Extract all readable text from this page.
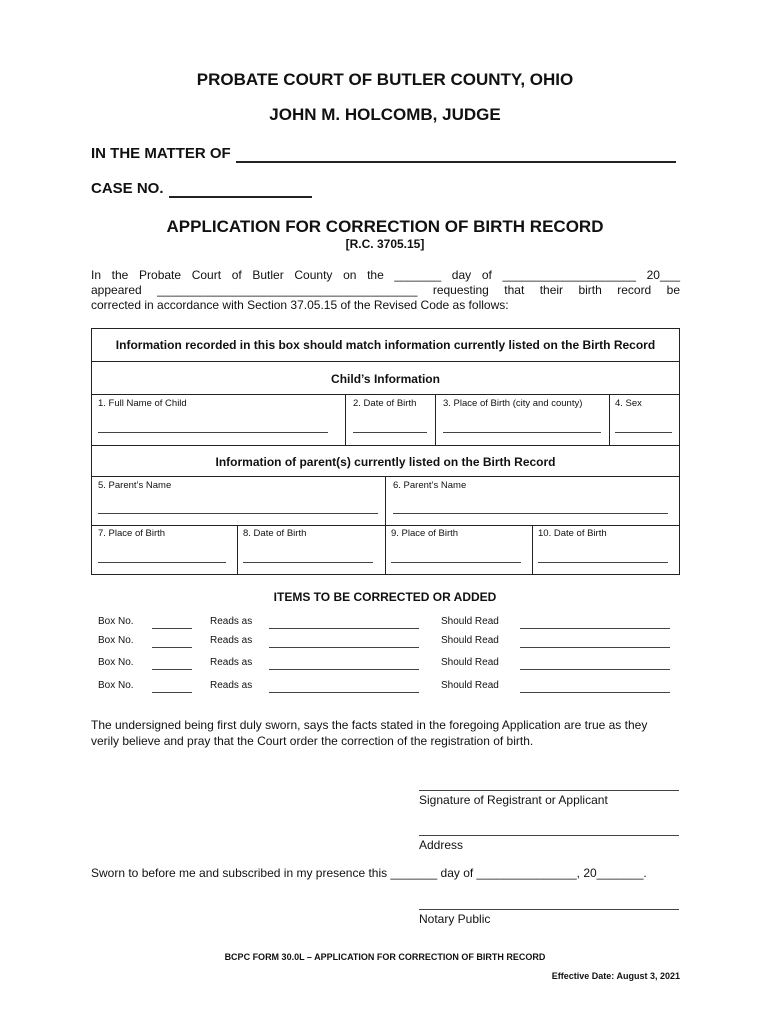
PROBATE COURT OF BUTLER COUNTY, OHIO
JOHN M. HOLCOMB, JUDGE
IN THE MATTER OF
CASE NO.
APPLICATION FOR CORRECTION OF BIRTH RECORD
[R.C. 3705.15]
In the Probate Court of Butler County on the _______ day of ____________________ 20___
appeared _______________________________________ requesting that their birth record be
corrected in accordance with Section 37.05.15 of the Revised Code as follows:
Information recorded in this box should match information currently listed on the Birth Record
Child’s Information
1. Full Name of Child	2. Date of Birth	3. Place of Birth (city and county)	4. Sex
Information of parent(s) currently listed on the Birth Record
5. Parent’s Name	6. Parent’s Name
7. Place of Birth	8. Date of Birth	9. Place of Birth	10. Date of Birth
ITEMS TO BE CORRECTED OR ADDED
Box No.	Reads as	Should Read
Box No.	Reads as	Should Read
Box No.	Reads as	Should Read
Box No.	Reads as	Should Read
The undersigned being first duly sworn, says the facts stated in the foregoing Application are true as they
verily believe and pray that the Court order the correction of the registration of birth.
Signature of Registrant or Applicant
Address
Sworn to before me and subscribed in my presence this _______ day of _______________, 20_______.
Notary Public
BCPC FORM 30.0L – APPLICATION FOR CORRECTION OF BIRTH RECORD
Effective Date: August 3, 2021
